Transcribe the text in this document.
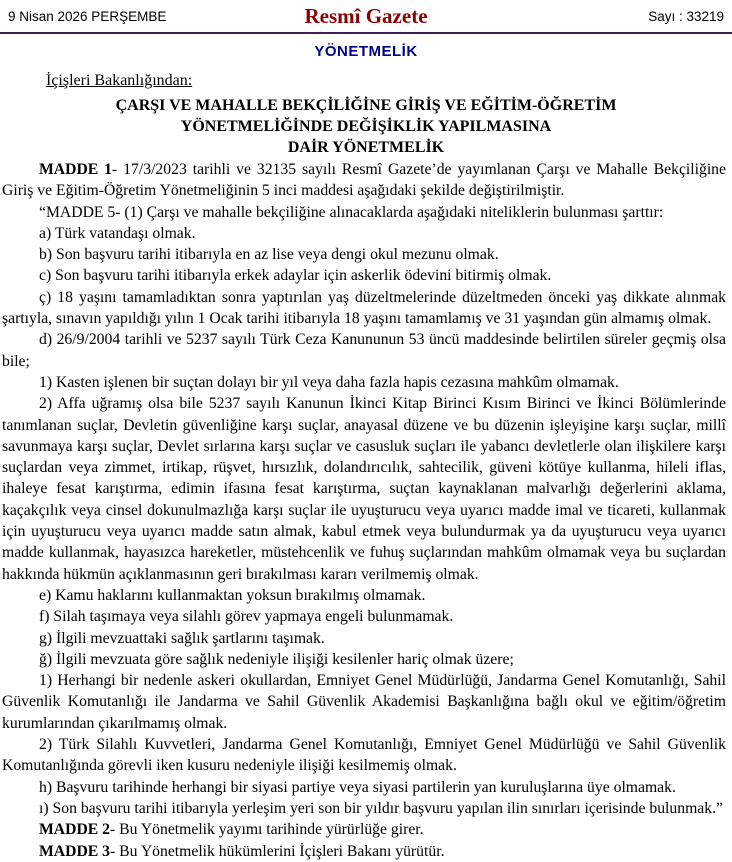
9 Nisan 2026 PERŞEMBE	Resmî Gazete	Sayı : 33219
YÖNETMELİK
İçişleri Bakanlığından:
ÇARŞI VE MAHALLE BEKÇİLİĞİNE GİRİŞ VE EĞİTİM-ÖĞRETİM
YÖNETMELİĞİNDE DEĞİŞİKLİK YAPILMASINA
DAİR YÖNETMELİK

MADDE 1- 17/3/2023 tarihli ve 32135 sayılı Resmî Gazete’de yayımlanan Çarşı ve Mahalle Bekçiliğine Giriş ve Eğitim-Öğretim Yönetmeliğinin 5 inci maddesi aşağıdaki şekilde değiştirilmiştir.

“MADDE 5- (1) Çarşı ve mahalle bekçiliğine alınacaklarda aşağıdaki niteliklerin bulunması şarttır:

a) Türk vatandaşı olmak.

b) Son başvuru tarihi itibarıyla en az lise veya dengi okul mezunu olmak.

c) Son başvuru tarihi itibarıyla erkek adaylar için askerlik ödevini bitirmiş olmak.

ç) 18 yaşını tamamladıktan sonra yaptırılan yaş düzeltmelerinde düzeltmeden önceki yaş dikkate alınmak şartıyla, sınavın yapıldığı yılın 1 Ocak tarihi itibarıyla 18 yaşını tamamlamış ve 31 yaşından gün almamış olmak.

d) 26/9/2004 tarihli ve 5237 sayılı Türk Ceza Kanununun 53 üncü maddesinde belirtilen süreler geçmiş olsa bile;

1) Kasten işlenen bir suçtan dolayı bir yıl veya daha fazla hapis cezasına mahkûm olmamak.

2) Affa uğramış olsa bile 5237 sayılı Kanunun İkinci Kitap Birinci Kısım Birinci ve İkinci Bölümlerinde tanımlanan suçlar, Devletin güvenliğine karşı suçlar, anayasal düzene ve bu düzenin işleyişine karşı suçlar, millî savunmaya karşı suçlar, Devlet sırlarına karşı suçlar ve casusluk suçları ile yabancı devletlerle olan ilişkilere karşı suçlardan veya zimmet, irtikap, rüşvet, hırsızlık, dolandırıcılık, sahtecilik, güveni kötüye kullanma, hileli iflas, ihaleye fesat karıştırma, edimin ifasına fesat karıştırma, suçtan kaynaklanan malvarlığı değerlerini aklama, kaçakçılık veya cinsel dokunulmazlığa karşı suçlar ile uyuşturucu veya uyarıcı madde imal ve ticareti, kullanmak için uyuşturucu veya uyarıcı madde satın almak, kabul etmek veya bulundurmak ya da uyuşturucu veya uyarıcı madde kullanmak, hayasızca hareketler, müstehcenlik ve fuhuş suçlarından mahkûm olmamak veya bu suçlardan hakkında hükmün açıklanmasının geri bırakılması kararı verilmemiş olmak.

e) Kamu haklarını kullanmaktan yoksun bırakılmış olmamak.

f) Silah taşımaya veya silahlı görev yapmaya engeli bulunmamak.

g) İlgili mevzuattaki sağlık şartlarını taşımak.

ğ) İlgili mevzuata göre sağlık nedeniyle ilişiği kesilenler hariç olmak üzere;

1) Herhangi bir nedenle askeri okullardan, Emniyet Genel Müdürlüğü, Jandarma Genel Komutanlığı, Sahil Güvenlik Komutanlığı ile Jandarma ve Sahil Güvenlik Akademisi Başkanlığına bağlı okul ve eğitim/öğretim kurumlarından çıkarılmamış olmak.

2) Türk Silahlı Kuvvetleri, Jandarma Genel Komutanlığı, Emniyet Genel Müdürlüğü ve Sahil Güvenlik Komutanlığında görevli iken kusuru nedeniyle ilişiği kesilmemiş olmak.

h) Başvuru tarihinde herhangi bir siyasi partiye veya siyasi partilerin yan kuruluşlarına üye olmamak.

ı) Son başvuru tarihi itibarıyla yerleşim yeri son bir yıldır başvuru yapılan ilin sınırları içerisinde bulunmak.”

MADDE 2- Bu Yönetmelik yayımı tarihinde yürürlüğe girer.

MADDE 3- Bu Yönetmelik hükümlerini İçişleri Bakanı yürütür.
